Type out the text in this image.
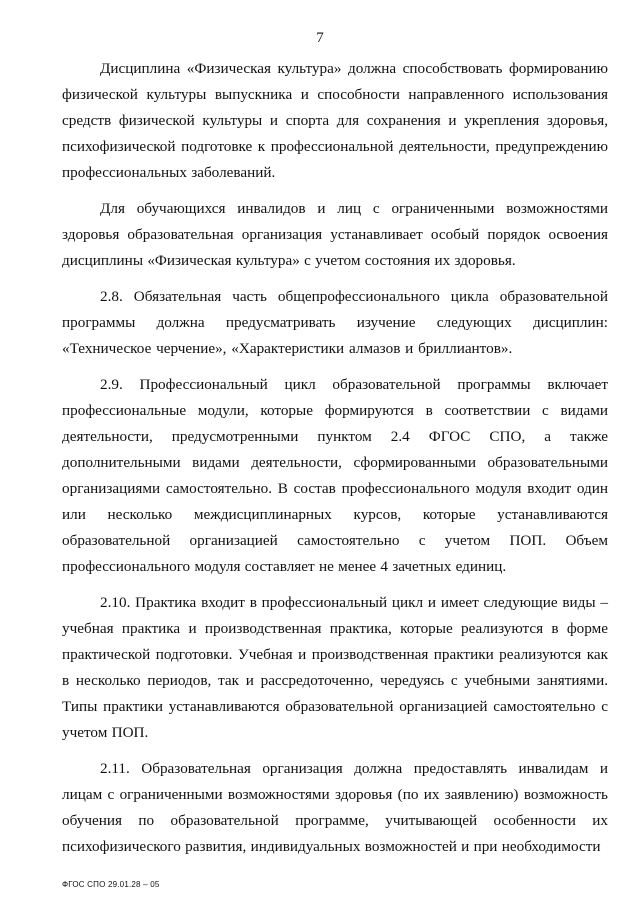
7

Дисциплина «Физическая культура» должна способствовать формированию физической культуры выпускника и способности направленного использования средств физической культуры и спорта для сохранения и укрепления здоровья, психофизической подготовке к профессиональной деятельности, предупреждению профессиональных заболеваний.

Для обучающихся инвалидов и лиц с ограниченными возможностями здоровья образовательная организация устанавливает особый порядок освоения дисциплины «Физическая культура» с учетом состояния их здоровья.

2.8. Обязательная часть общепрофессионального цикла образовательной программы должна предусматривать изучение следующих дисциплин: «Техническое черчение», «Характеристики алмазов и бриллиантов».

2.9. Профессиональный цикл образовательной программы включает профессиональные модули, которые формируются в соответствии с видами деятельности, предусмотренными пунктом 2.4 ФГОС СПО, а также дополнительными видами деятельности, сформированными образовательными организациями самостоятельно. В состав профессионального модуля входит один или несколько междисциплинарных курсов, которые устанавливаются образовательной организацией самостоятельно с учетом ПОП. Объем профессионального модуля составляет не менее 4 зачетных единиц.

2.10. Практика входит в профессиональный цикл и имеет следующие виды – учебная практика и производственная практика, которые реализуются в форме практической подготовки. Учебная и производственная практики реализуются как в несколько периодов, так и рассредоточенно, чередуясь с учебными занятиями. Типы практики устанавливаются образовательной организацией самостоятельно с учетом ПОП.

2.11. Образовательная организация должна предоставлять инвалидам и лицам с ограниченными возможностями здоровья (по их заявлению) возможность обучения по образовательной программе, учитывающей особенности их психофизического развития, индивидуальных возможностей и при необходимости

ФГОС СПО 29.01.28 – 05
